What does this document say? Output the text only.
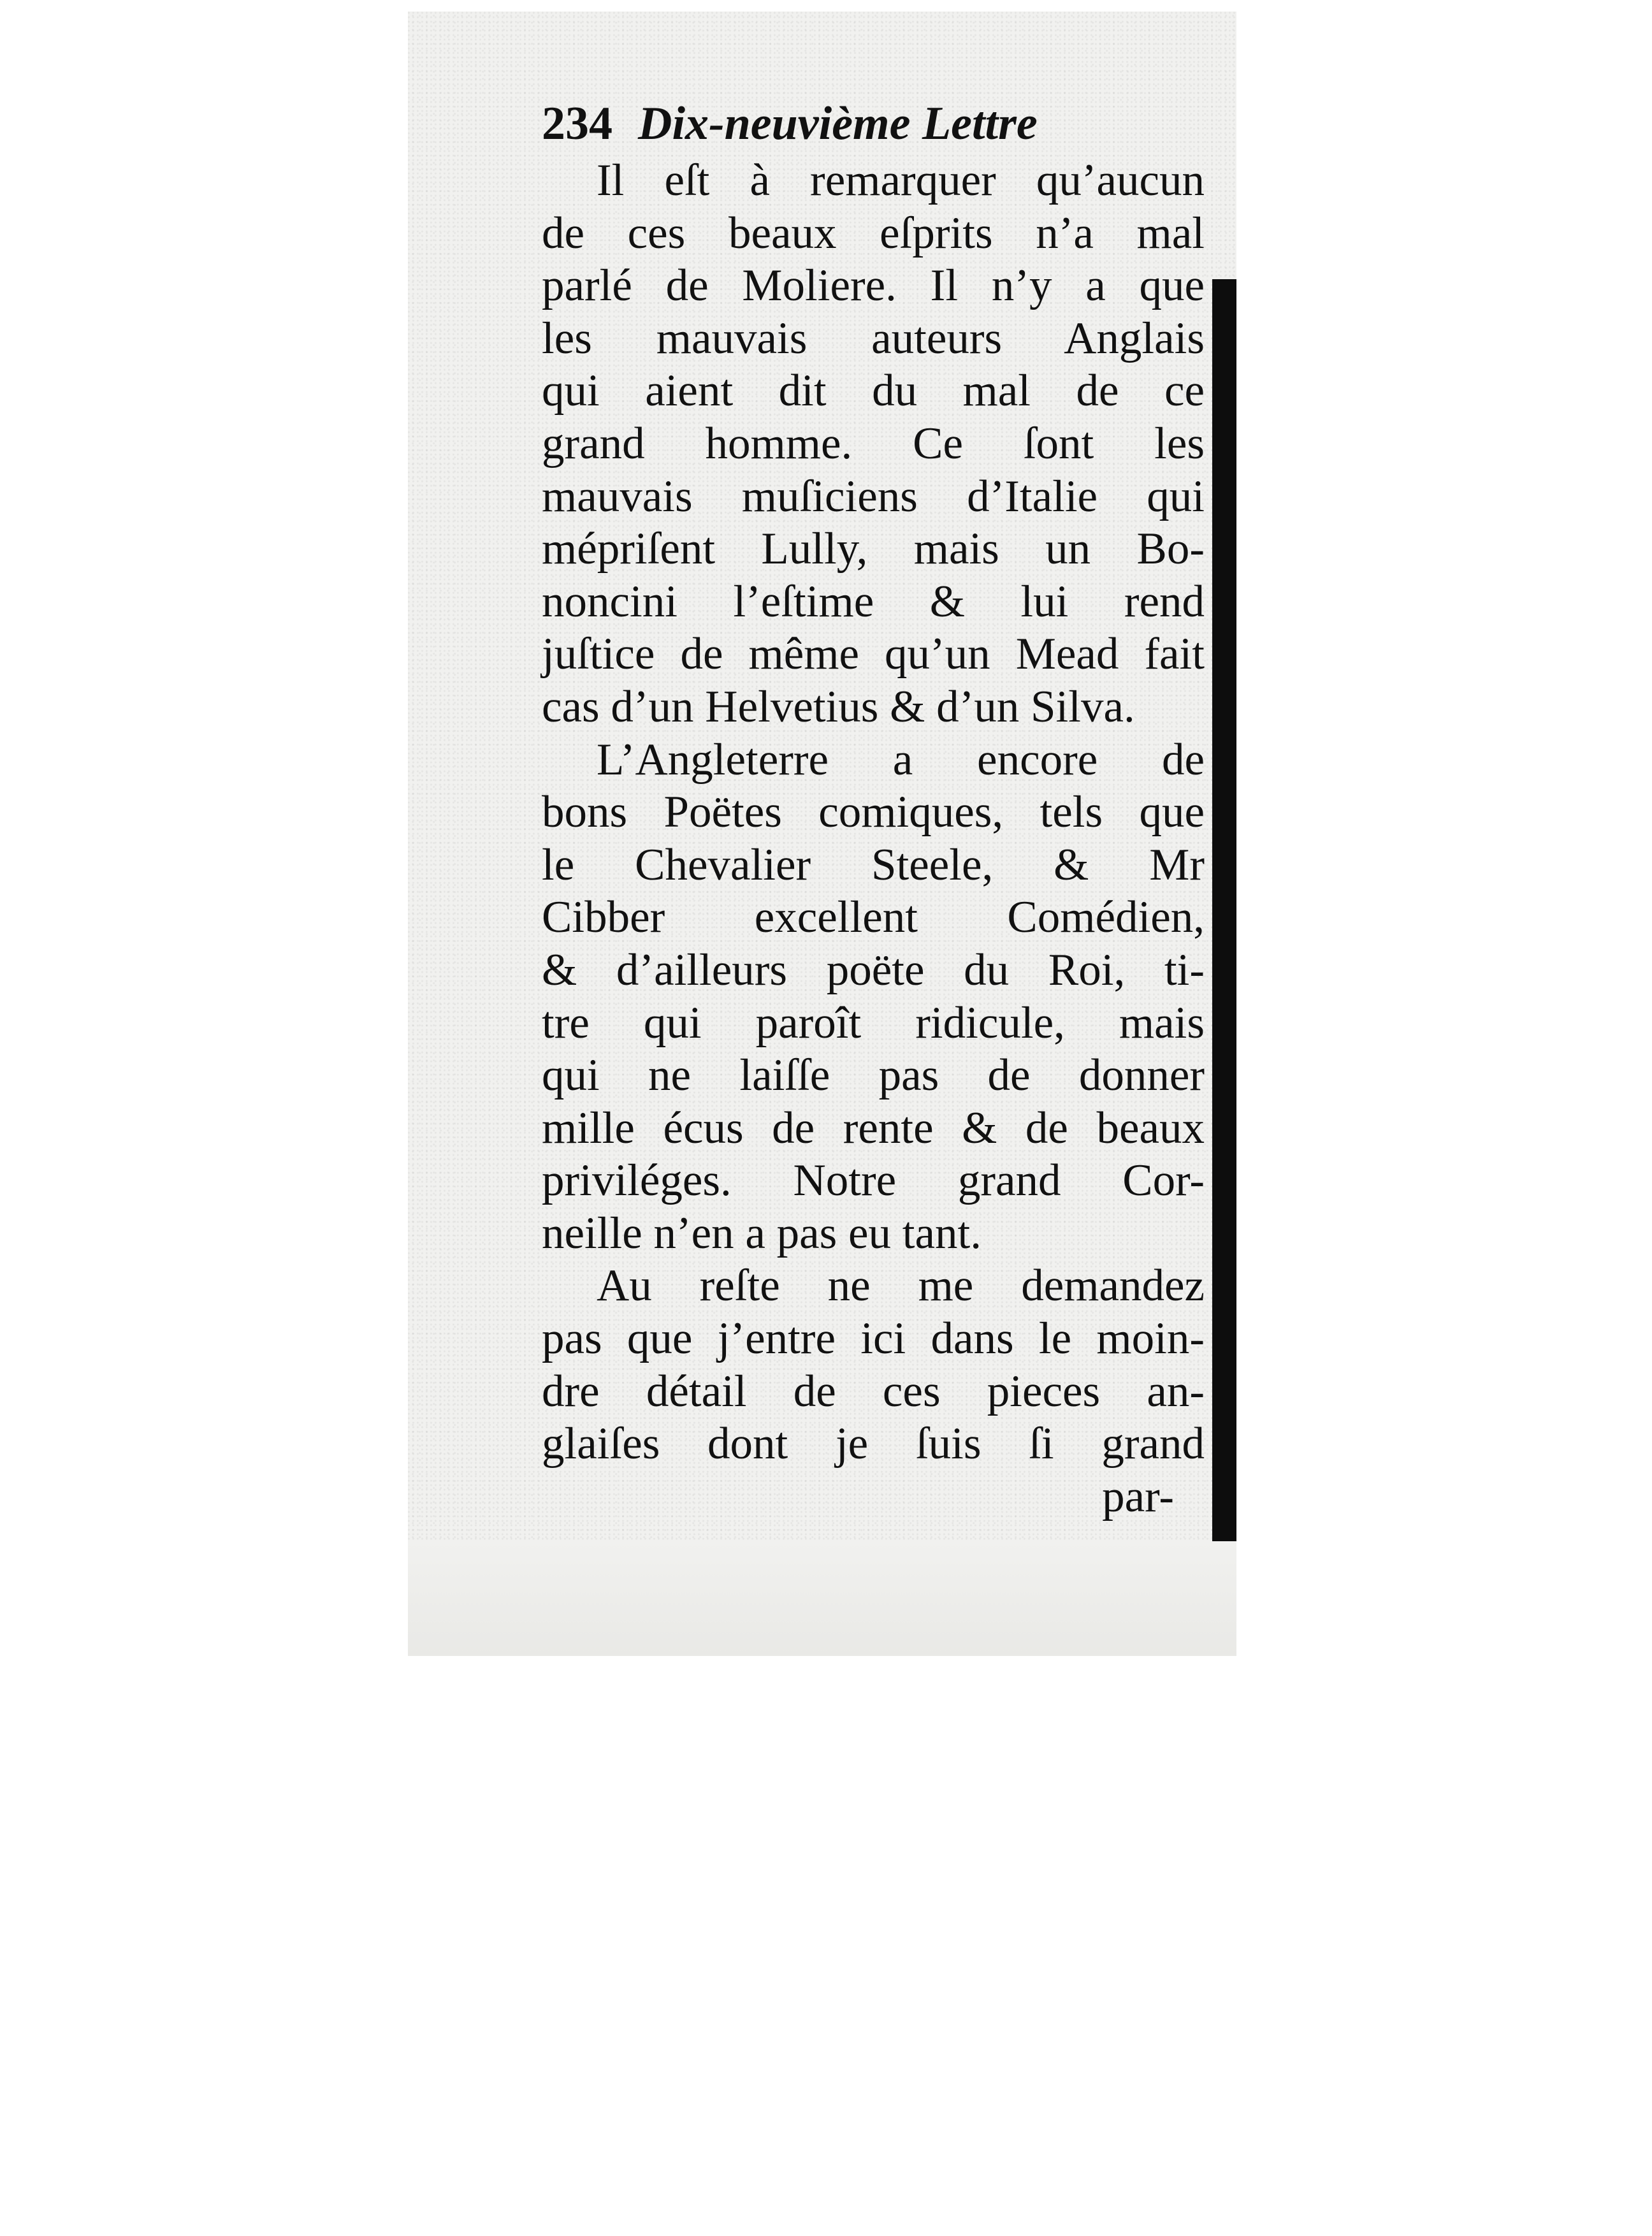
234 Dix-neuvième Lettre
Il eſt à remarquer qu’aucun
de ces beaux eſprits n’a mal
parlé de Moliere. Il n’y a que
les mauvais auteurs Anglais
qui aient dit du mal de ce
grand homme. Ce ſont les
mauvais muſiciens d’Italie qui
mépriſent Lully, mais un Bo-
noncini l’eſtime & lui rend
juſtice de même qu’un Mead fait
cas d’un Helvetius & d’un Silva.
L’Angleterre a encore de
bons Poëtes comiques, tels que
le Chevalier Steele, & Mr
Cibber excellent Comédien,
& d’ailleurs poëte du Roi, ti-
tre qui paroît ridicule, mais
qui ne laiſſe pas de donner
mille écus de rente & de beaux
priviléges. Notre grand Cor-
neille n’en a pas eu tant.
Au reſte ne me demandez
pas que j’entre ici dans le moin-
dre détail de ces pieces an-
glaiſes dont je ſuis ſi grand
par-
